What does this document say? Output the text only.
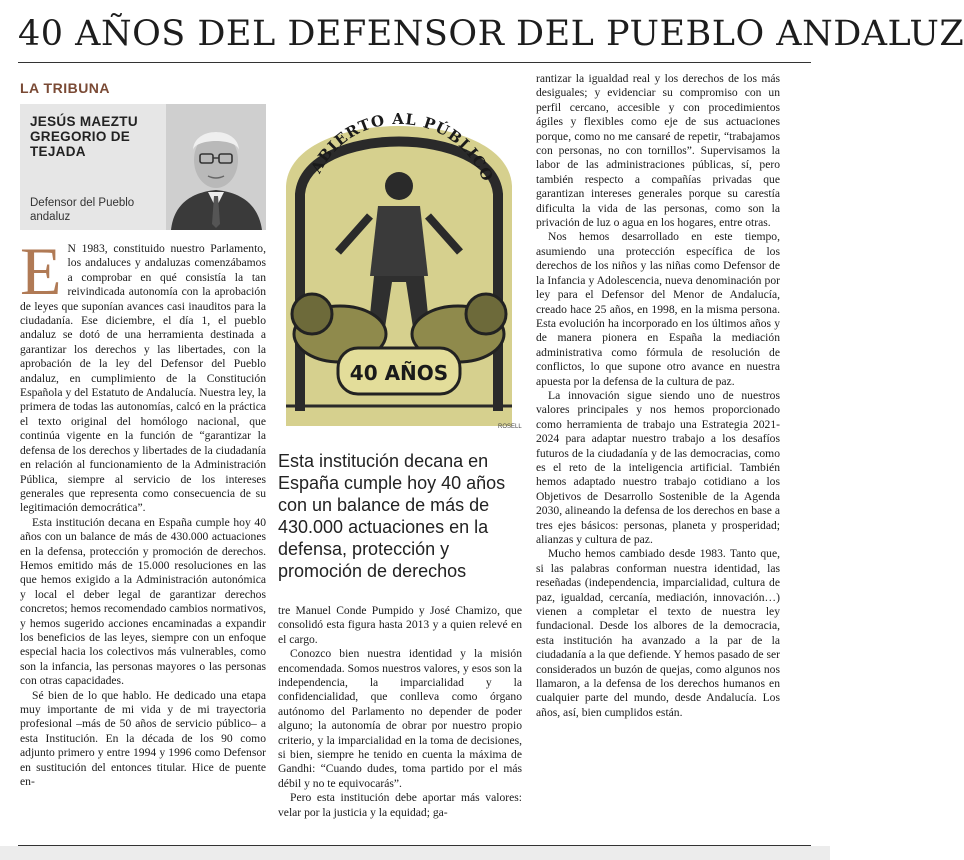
40 AÑOS DEL DEFENSOR DEL PUEBLO ANDALUZ
LA TRIBUNA
JESÚS MAEZTU GREGORIO DE TEJADA
Defensor del Pueblo andaluz
E N 1983, constituido nuestro Parlamento, los andaluces y andaluzas comenzábamos a comprobar en qué consistía la tan reivindicada autonomía con la aprobación de leyes que suponían avances casi inauditos para la ciudadanía. Ese diciembre, el día 1, el pueblo andaluz se dotó de una herramienta destinada a garantizar los derechos y las libertades, con la aprobación de la ley del Defensor del Pueblo andaluz, en cumplimiento de la Constitución Española y del Estatuto de Andalucía. Nuestra ley, la primera de todas las autonomías, calcó en la práctica el texto original del homólogo nacional, que continúa vigente en la función de “garantizar la defensa de los derechos y libertades de la ciudadanía en relación al funcionamiento de la Administración Pública, siempre al servicio de los intereses generales que representa como consecuencia de su legitimación democrática”.

Esta institución decana en España cumple hoy 40 años con un balance de más de 430.000 actuaciones en la defensa, protección y promoción de derechos. Hemos emitido más de 15.000 resoluciones en las que hemos exigido a la Administración autonómica y local el deber legal de garantizar derechos concretos; hemos recomendado cambios normativos, y hemos sugerido acciones encaminadas a expandir los beneficios de las leyes, siempre con un enfoque especial hacia los colectivos más vulnerables, como son la infancia, las personas mayores o las personas con otras capacidades.

Sé bien de lo que hablo. He dedicado una etapa muy importante de mi vida y de mi trayectoria profesional –más de 50 años de servicio público– a esta Institución. En la década de los 90 como adjunto primero y entre 1994 y 1996 como Defensor en sustitución del entonces titular. Hice de puente en-

ABIERTO AL PÚBLICO
40 AÑOS
ROSELL
Esta institución decana en España cumple hoy 40 años con un balance de más de 430.000 actuaciones en la defensa, protección y promoción de derechos

tre Manuel Conde Pumpido y José Chamizo, que consolidó esta figura hasta 2013 y a quien relevé en el cargo.

Conozco bien nuestra identidad y la misión encomendada. Somos nuestros valores, y esos son la independencia, la imparcialidad y la confidencialidad, que conlleva como órgano autónomo del Parlamento no depender de poder alguno; la autonomía de obrar por nuestro propio criterio, y la imparcialidad en la toma de decisiones, si bien, siempre he tenido en cuenta la máxima de Gandhi: “Cuando dudes, toma partido por el más débil y no te equivocarás”.

Pero esta institución debe aportar más valores: velar por la justicia y la equidad; ga-

rantizar la igualdad real y los derechos de los más desiguales; y evidenciar su compromiso con un perfil cercano, accesible y con procedimientos ágiles y flexibles como eje de sus actuaciones porque, como no me cansaré de repetir, “trabajamos con personas, no con tornillos”. Supervisamos la labor de las administraciones públicas, sí, pero también respecto a compañías privadas que garantizan intereses generales porque su carestía dificulta la vida de las personas, como son la privación de luz o agua en los hogares, entre otras.

Nos hemos desarrollado en este tiempo, asumiendo una protección específica de los derechos de los niños y las niñas como Defensor de la Infancia y Adolescencia, nueva denominación por ley para el Defensor del Menor de Andalucía, creado hace 25 años, en 1998, en la misma persona. Esta evolución ha incorporado en los últimos años y de manera pionera en España la mediación administrativa como fórmula de resolución de conflictos, lo que supone otro avance en nuestra apuesta por la defensa de la cultura de paz.

La innovación sigue siendo uno de nuestros valores principales y nos hemos proporcionado como herramienta de trabajo una Estrategia 2021-2024 para adaptar nuestro trabajo a los desafíos futuros de la ciudadanía y de las democracias, como es el reto de la inteligencia artificial. También hemos adaptado nuestro trabajo cotidiano a los Objetivos de Desarrollo Sostenible de la Agenda 2030, alineando la defensa de los derechos en base a tres ejes básicos: personas, planeta y prosperidad; alianzas y cultura de paz.

Mucho hemos cambiado desde 1983. Tanto que, si las palabras conforman nuestra identidad, las reseñadas (independencia, imparcialidad, cultura de paz, igualdad, cercanía, mediación, innovación…) vienen a completar el texto de nuestra ley fundacional. Desde los albores de la democracia, esta institución ha avanzado a la par de la ciudadanía a la que defiende. Y hemos pasado de ser considerados un buzón de quejas, como algunos nos llamaron, a la defensa de los derechos humanos en cualquier parte del mundo, desde Andalucía. Los años, así, bien cumplidos están.
